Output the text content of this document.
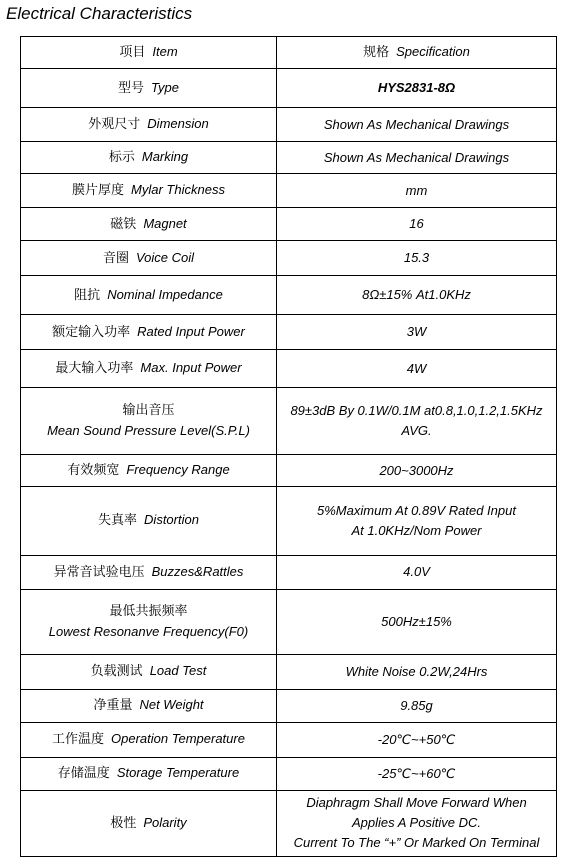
Electrical Characteristics
项目 Item	规格 Specification
型号 Type	HYS2831-8Ω
外观尺寸 Dimension	Shown As Mechanical Drawings
标示 Marking	Shown As Mechanical Drawings
膜片厚度 Mylar Thickness	mm
磁铁 Magnet	16
音圈 Voice Coil	15.3
阻抗 Nominal Impedance	8Ω±15% At1.0KHz
额定输入功率 Rated Input Power	3W
最大输入功率 Max. Input Power	4W

输出音压
Mean Sound Pressure Level(S.P.L)	89±3dB By 0.1W/0.1M at0.8,1.0,1.2,1.5KHz
AVG.

有效频宽 Frequency Range	200~3000Hz
失真率 Distortion	5%Maximum At 0.89V Rated Input
At 1.0KHz/Nom Power

异常音试验电压 Buzzes&Rattles	4.0V

最低共振频率
Lowest Resonanve Frequency(F0)	500Hz±15%
负载测试 Load Test	White Noise 0.2W,24Hrs
净重量 Net Weight	9.85g
工作温度 Operation Temperature	-20℃~+50℃
存储温度 Storage Temperature	-25℃~+60℃
极性 Polarity	Diaphragm Shall Move Forward When
Applies A Positive DC.
Current To The “+” Or Marked On Terminal
